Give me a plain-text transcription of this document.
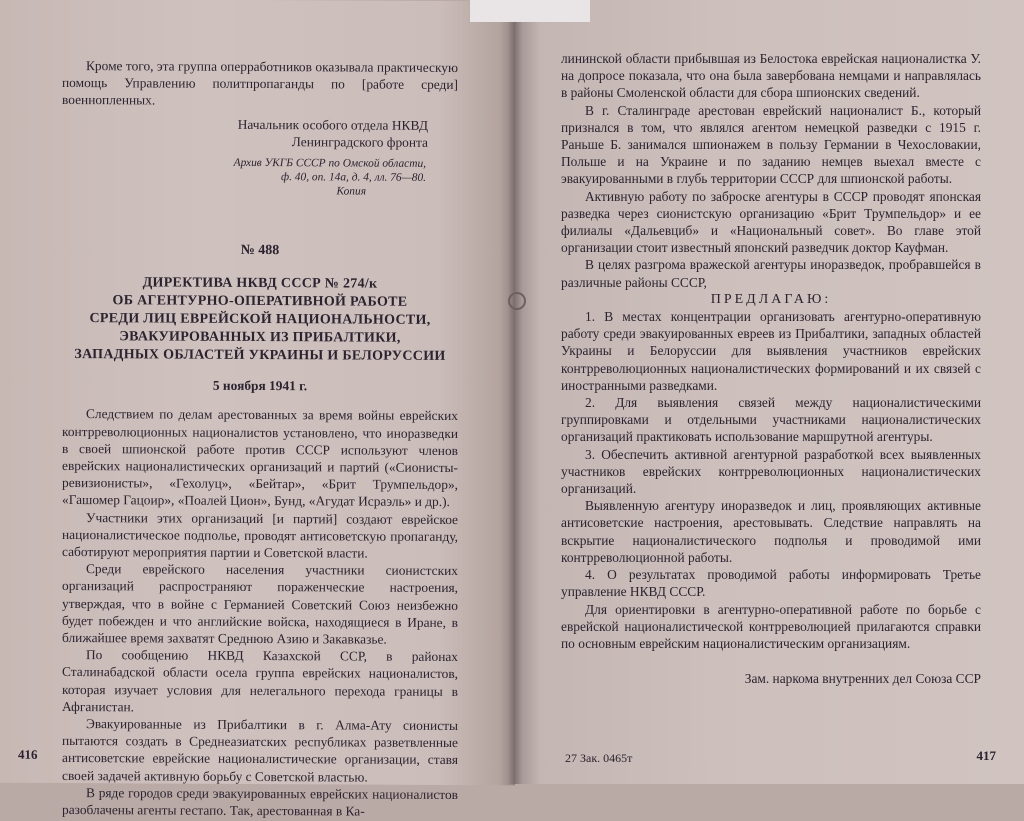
Кроме того, эта группа оперработников оказывала практическую помощь Управлению политпропаганды по [работе среди] военнопленных.

Начальник особого отдела НКВД
Ленинградского фронта
Архив УКГБ СССР по Омской области,
ф. 40, оп. 14а, д. 4, лл. 76—80.
Копия
№ 488
ДИРЕКТИВА НКВД СССР № 274/к
ОБ АГЕНТУРНО-ОПЕРАТИВНОЙ РАБОТЕ
СРЕДИ ЛИЦ ЕВРЕЙСКОЙ НАЦИОНАЛЬНОСТИ,
ЭВАКУИРОВАННЫХ ИЗ ПРИБАЛТИКИ,
ЗАПАДНЫХ ОБЛАСТЕЙ УКРАИНЫ И БЕЛОРУССИИ
5 ноября 1941 г.

Следствием по делам арестованных за время войны еврейских контрреволюционных националистов установлено, что иноразведки в своей шпионской работе против СССР используют членов еврейских националистических организаций и партий («Сионисты-ревизионисты», «Гехолуц», «Бейтар», «Брит Трумпельдор», «Гашомер Гацоир», «Поалей Цион», Бунд, «Агудат Исраэль» и др.).

Участники этих организаций [и партий] создают еврейское националистическое подполье, проводят антисоветскую пропаганду, саботируют мероприятия партии и Советской власти.

Среди еврейского населения участники сионистских организаций распространяют пораженческие настроения, утверждая, что в войне с Германией Советский Союз неизбежно будет побежден и что английские войска, находящиеся в Иране, в ближайшее время захватят Среднюю Азию и Закавказье.

По сообщению НКВД Казахской ССР, в районах Сталинабадской области осела группа еврейских националистов, которая изучает условия для нелегального перехода границы в Афганистан.

Эвакуированные из Прибалтики в г. Алма-Ату сионисты пытаются создать в Среднеазиатских республиках разветвленные антисоветские еврейские националистические организации, ставя своей задачей активную борьбу с Советской властью.

В ряде городов среди эвакуированных еврейских националистов разоблачены агенты гестапо. Так, арестованная в Ка-

416

лининской области прибывшая из Белостока еврейская националистка У. на допросе показала, что она была завербована немцами и направлялась в районы Смоленской области для сбора шпионских сведений.

В г. Сталинграде арестован еврейский националист Б., который признался в том, что являлся агентом немецкой разведки с 1915 г. Раньше Б. занимался шпионажем в пользу Германии в Чехословакии, Польше и на Украине и по заданию немцев выехал вместе с эвакуированными в глубь территории СССР для шпионской работы.

Активную работу по заброске агентуры в СССР проводят японская разведка через сионистскую организацию «Брит Трумпельдор» и ее филиалы «Дальевциб» и «Национальный совет». Во главе этой организации стоит известный японский разведчик доктор Кауфман.

В целях разгрома вражеской агентуры иноразведок, пробравшейся в различные районы СССР,

ПРЕДЛАГАЮ:

1. В местах концентрации организовать агентурно-оперативную работу среди эвакуированных евреев из Прибалтики, западных областей Украины и Белоруссии для выявления участников еврейских контрреволюционных националистических формирований и их связей с иностранными разведками.

2. Для выявления связей между националистическими группировками и отдельными участниками националистических организаций практиковать использование маршрутной агентуры.

3. Обеспечить активной агентурной разработкой всех выявленных участников еврейских контрреволюционных националистических организаций.

Выявленную агентуру иноразведок и лиц, проявляющих активные антисоветские настроения, арестовывать. Следствие направлять на вскрытие националистического подполья и проводимой ими контрреволюционной работы.

4. О результатах проводимой работы информировать Третье управление НКВД СССР.

Для ориентировки в агентурно-оперативной работе по борьбе с еврейской националистической контрреволюцией прилагаются справки по основным еврейским националистическим организациям.

Зам. наркома внутренних дел Союза ССР

27 Зак. 0465т	417
